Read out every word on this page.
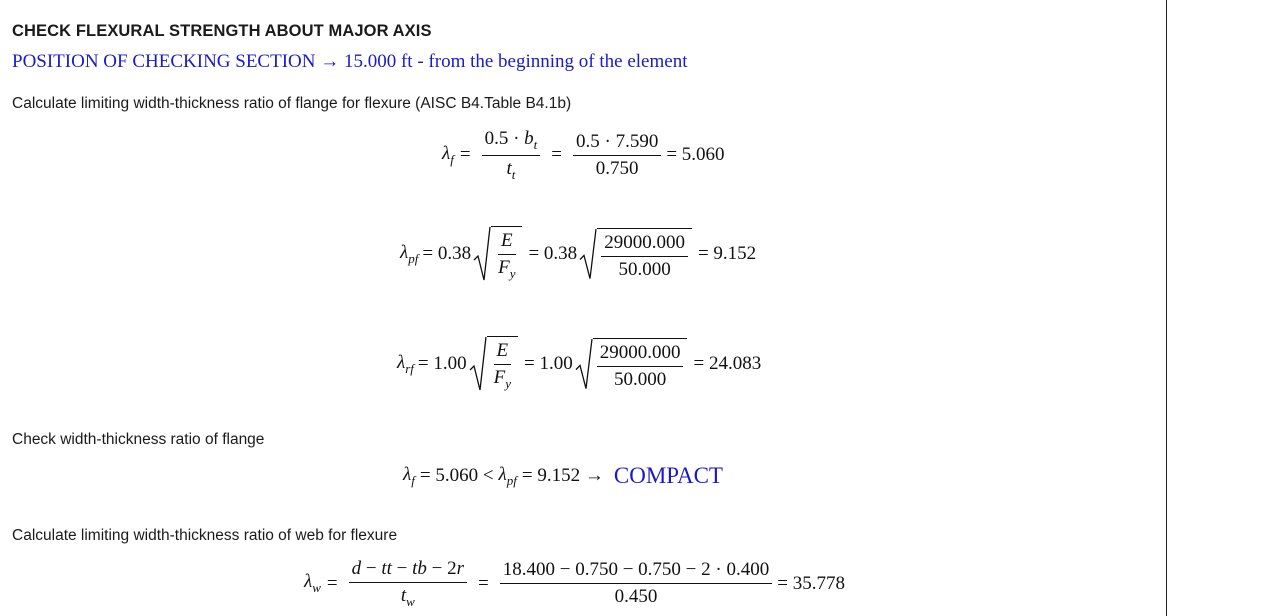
CHECK FLEXURAL STRENGTH ABOUT MAJOR AXIS
POSITION OF CHECKING SECTION → 15.000 ft - from the beginning of the element
Calculate limiting width-thickness ratio of flange for flexure (AISC B4.Table B4.1b)
$\lambda_f = \frac{0.5 \cdot b_t}{t_t} = \frac{0.5 \cdot 7.590}{0.750} = 5.060$
$\lambda_{pf} = 0.38 \frac{E}{F_y} = 0.38 \frac{29000.000}{50.000} = 9.152$
$\lambda_{rf} = 1.00 \frac{E}{F_y} = 1.00 \frac{29000.000}{50.000} = 24.083$
Check width-thickness ratio of flange
$\lambda_f = 5.060 < \lambda_{pf} = 9.152$ → COMPACT
Calculate limiting width-thickness ratio of web for flexure
$\lambda_w = \frac{d - tt - tb - 2r}{t_w} = \frac{18.400 - 0.750 - 0.750 - 2 \cdot 0.400}{0.450} = 35.778$
